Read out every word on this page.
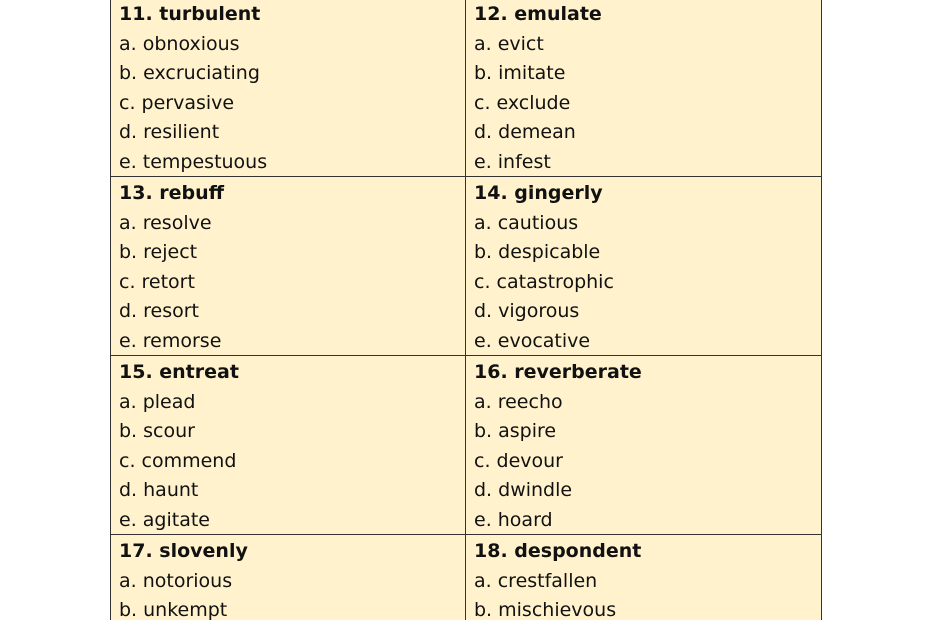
11. turbulent
a. obnoxious
b. excruciating
c. pervasive
d. resilient
e. tempestuous
12. emulate
a. evict
b. imitate
c. exclude
d. demean
e. infest
13. rebuff
a. resolve
b. reject
c. retort
d. resort
e. remorse
14. gingerly
a. cautious
b. despicable
c. catastrophic
d. vigorous
e. evocative
15. entreat
a. plead
b. scour
c. commend
d. haunt
e. agitate
16. reverberate
a. reecho
b. aspire
c. devour
d. dwindle
e. hoard
17. slovenly
a. notorious
b. unkempt
18. despondent
a. crestfallen
b. mischievous
